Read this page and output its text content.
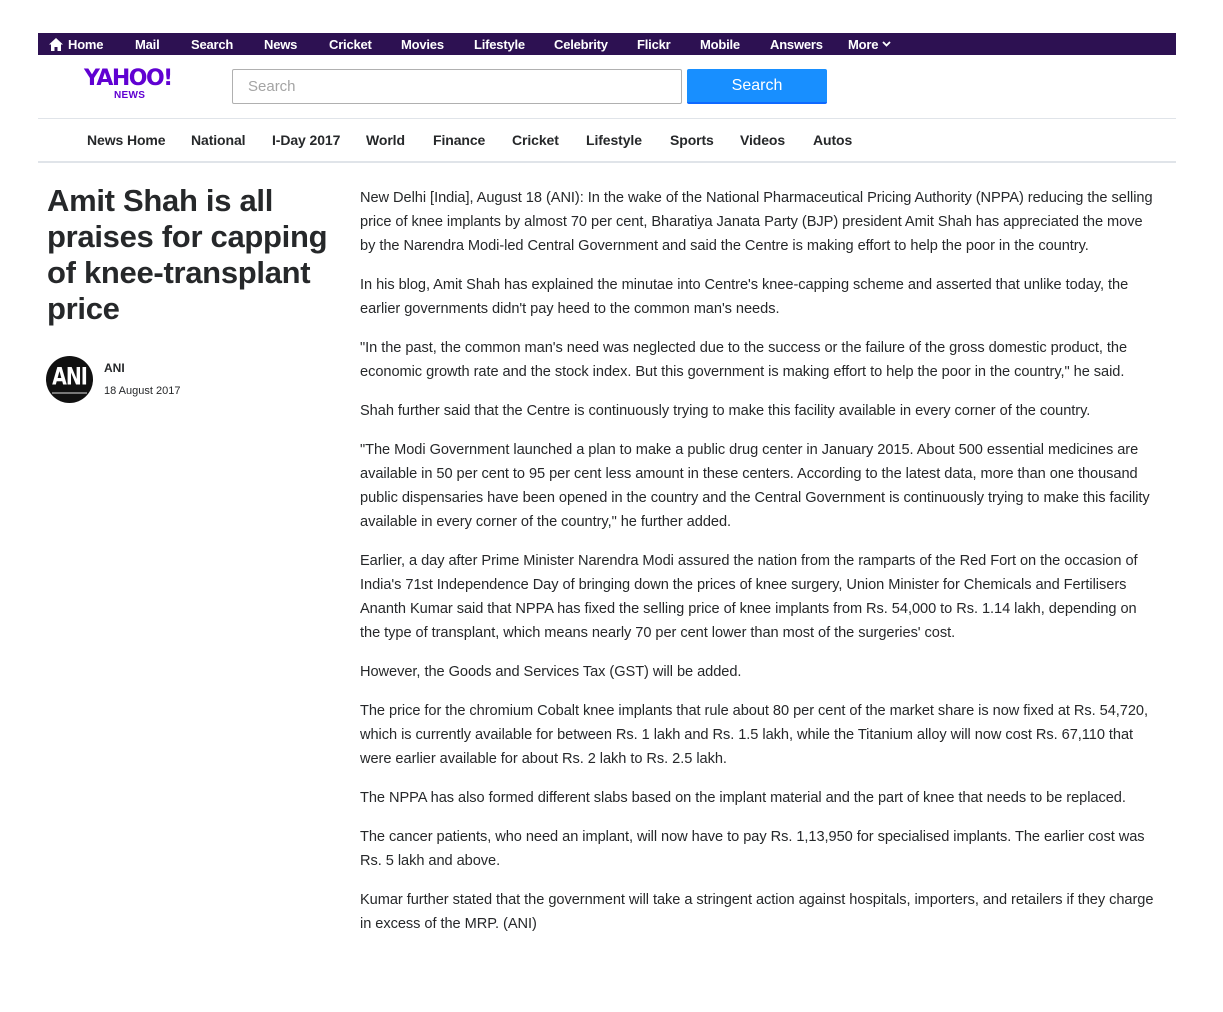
Home Mail Search News Cricket Movies Lifestyle Celebrity Flickr Mobile Answers More
YAHOO!
NEWS
Search
Search
News Home National I-Day 2017 World Finance Cricket Lifestyle Sports Videos Autos
Amit Shah is all praises for capping of knee-transplant price
ANI	ANI
18 August 2017

New Delhi [India], August 18 (ANI): In the wake of the National Pharmaceutical Pricing Authority (NPPA) reducing the selling price of knee implants by almost 70 per cent, Bharatiya Janata Party (BJP) president Amit Shah has appreciated the move by the Narendra Modi-led Central Government and said the Centre is making effort to help the poor in the country.

In his blog, Amit Shah has explained the minutae into Centre's knee-capping scheme and asserted that unlike today, the earlier governments didn't pay heed to the common man's needs.

"In the past, the common man's need was neglected due to the success or the failure of the gross domestic product, the economic growth rate and the stock index. But this government is making effort to help the poor in the country," he said.

Shah further said that the Centre is continuously trying to make this facility available in every corner of the country.

"The Modi Government launched a plan to make a public drug center in January 2015. About 500 essential medicines are available in 50 per cent to 95 per cent less amount in these centers. According to the latest data, more than one thousand public dispensaries have been opened in the country and the Central Government is continuously trying to make this facility available in every corner of the country," he further added.

Earlier, a day after Prime Minister Narendra Modi assured the nation from the ramparts of the Red Fort on the occasion of India's 71st Independence Day of bringing down the prices of knee surgery, Union Minister for Chemicals and Fertilisers Ananth Kumar said that NPPA has fixed the selling price of knee implants from Rs. 54,000 to Rs. 1.14 lakh, depending on the type of transplant, which means nearly 70 per cent lower than most of the surgeries' cost.

However, the Goods and Services Tax (GST) will be added.

The price for the chromium Cobalt knee implants that rule about 80 per cent of the market share is now fixed at Rs. 54,720, which is currently available for between Rs. 1 lakh and Rs. 1.5 lakh, while the Titanium alloy will now cost Rs. 67,110 that were earlier available for about Rs. 2 lakh to Rs. 2.5 lakh.

The NPPA has also formed different slabs based on the implant material and the part of knee that needs to be replaced.

The cancer patients, who need an implant, will now have to pay Rs. 1,13,950 for specialised implants. The earlier cost was Rs. 5 lakh and above.

Kumar further stated that the government will take a stringent action against hospitals, importers, and retailers if they charge in excess of the MRP. (ANI)
